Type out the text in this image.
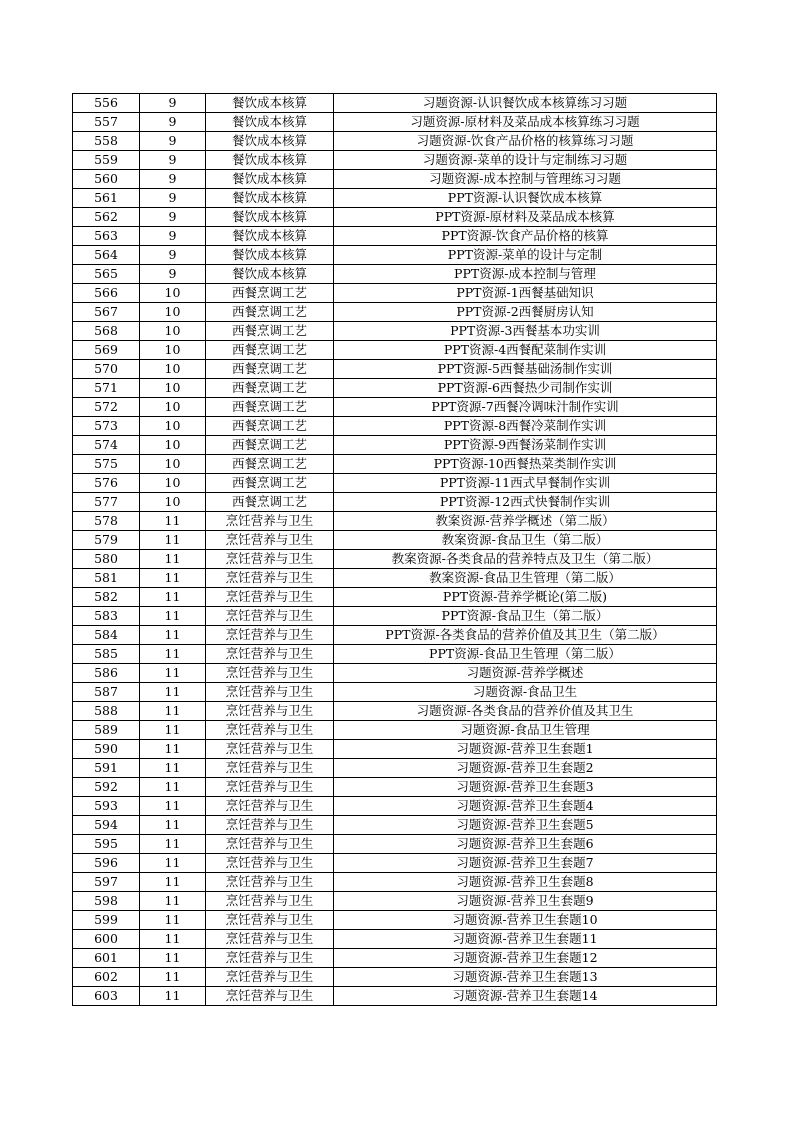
556	9	餐饮成本核算	习题资源-认识餐饮成本核算练习习题
557	9	餐饮成本核算	习题资源-原材料及菜品成本核算练习习题
558	9	餐饮成本核算	习题资源-饮食产品价格的核算练习习题
559	9	餐饮成本核算	习题资源-菜单的设计与定制练习习题
560	9	餐饮成本核算	习题资源-成本控制与管理练习习题
561	9	餐饮成本核算	PPT资源-认识餐饮成本核算
562	9	餐饮成本核算	PPT资源-原材料及菜品成本核算
563	9	餐饮成本核算	PPT资源-饮食产品价格的核算
564	9	餐饮成本核算	PPT资源-菜单的设计与定制
565	9	餐饮成本核算	PPT资源-成本控制与管理
566	10	西餐烹调工艺	PPT资源-1西餐基础知识
567	10	西餐烹调工艺	PPT资源-2西餐厨房认知
568	10	西餐烹调工艺	PPT资源-3西餐基本功实训
569	10	西餐烹调工艺	PPT资源-4西餐配菜制作实训
570	10	西餐烹调工艺	PPT资源-5西餐基础汤制作实训
571	10	西餐烹调工艺	PPT资源-6西餐热少司制作实训
572	10	西餐烹调工艺	PPT资源-7西餐冷调味汁制作实训
573	10	西餐烹调工艺	PPT资源-8西餐冷菜制作实训
574	10	西餐烹调工艺	PPT资源-9西餐汤菜制作实训
575	10	西餐烹调工艺	PPT资源-10西餐热菜类制作实训
576	10	西餐烹调工艺	PPT资源-11西式早餐制作实训
577	10	西餐烹调工艺	PPT资源-12西式快餐制作实训
578	11	烹饪营养与卫生	教案资源-营养学概述（第二版）
579	11	烹饪营养与卫生	教案资源-食品卫生（第二版）
580	11	烹饪营养与卫生	教案资源-各类食品的营养特点及卫生（第二版）
581	11	烹饪营养与卫生	教案资源-食品卫生管理（第二版）
582	11	烹饪营养与卫生	PPT资源-营养学概论(第二版)
583	11	烹饪营养与卫生	PPT资源-食品卫生（第二版）
584	11	烹饪营养与卫生	PPT资源-各类食品的营养价值及其卫生（第二版）
585	11	烹饪营养与卫生	PPT资源-食品卫生管理（第二版）
586	11	烹饪营养与卫生	习题资源-营养学概述
587	11	烹饪营养与卫生	习题资源-食品卫生
588	11	烹饪营养与卫生	习题资源-各类食品的营养价值及其卫生
589	11	烹饪营养与卫生	习题资源-食品卫生管理
590	11	烹饪营养与卫生	习题资源-营养卫生套题1
591	11	烹饪营养与卫生	习题资源-营养卫生套题2
592	11	烹饪营养与卫生	习题资源-营养卫生套题3
593	11	烹饪营养与卫生	习题资源-营养卫生套题4
594	11	烹饪营养与卫生	习题资源-营养卫生套题5
595	11	烹饪营养与卫生	习题资源-营养卫生套题6
596	11	烹饪营养与卫生	习题资源-营养卫生套题7
597	11	烹饪营养与卫生	习题资源-营养卫生套题8
598	11	烹饪营养与卫生	习题资源-营养卫生套题9
599	11	烹饪营养与卫生	习题资源-营养卫生套题10
600	11	烹饪营养与卫生	习题资源-营养卫生套题11
601	11	烹饪营养与卫生	习题资源-营养卫生套题12
602	11	烹饪营养与卫生	习题资源-营养卫生套题13
603	11	烹饪营养与卫生	习题资源-营养卫生套题14
